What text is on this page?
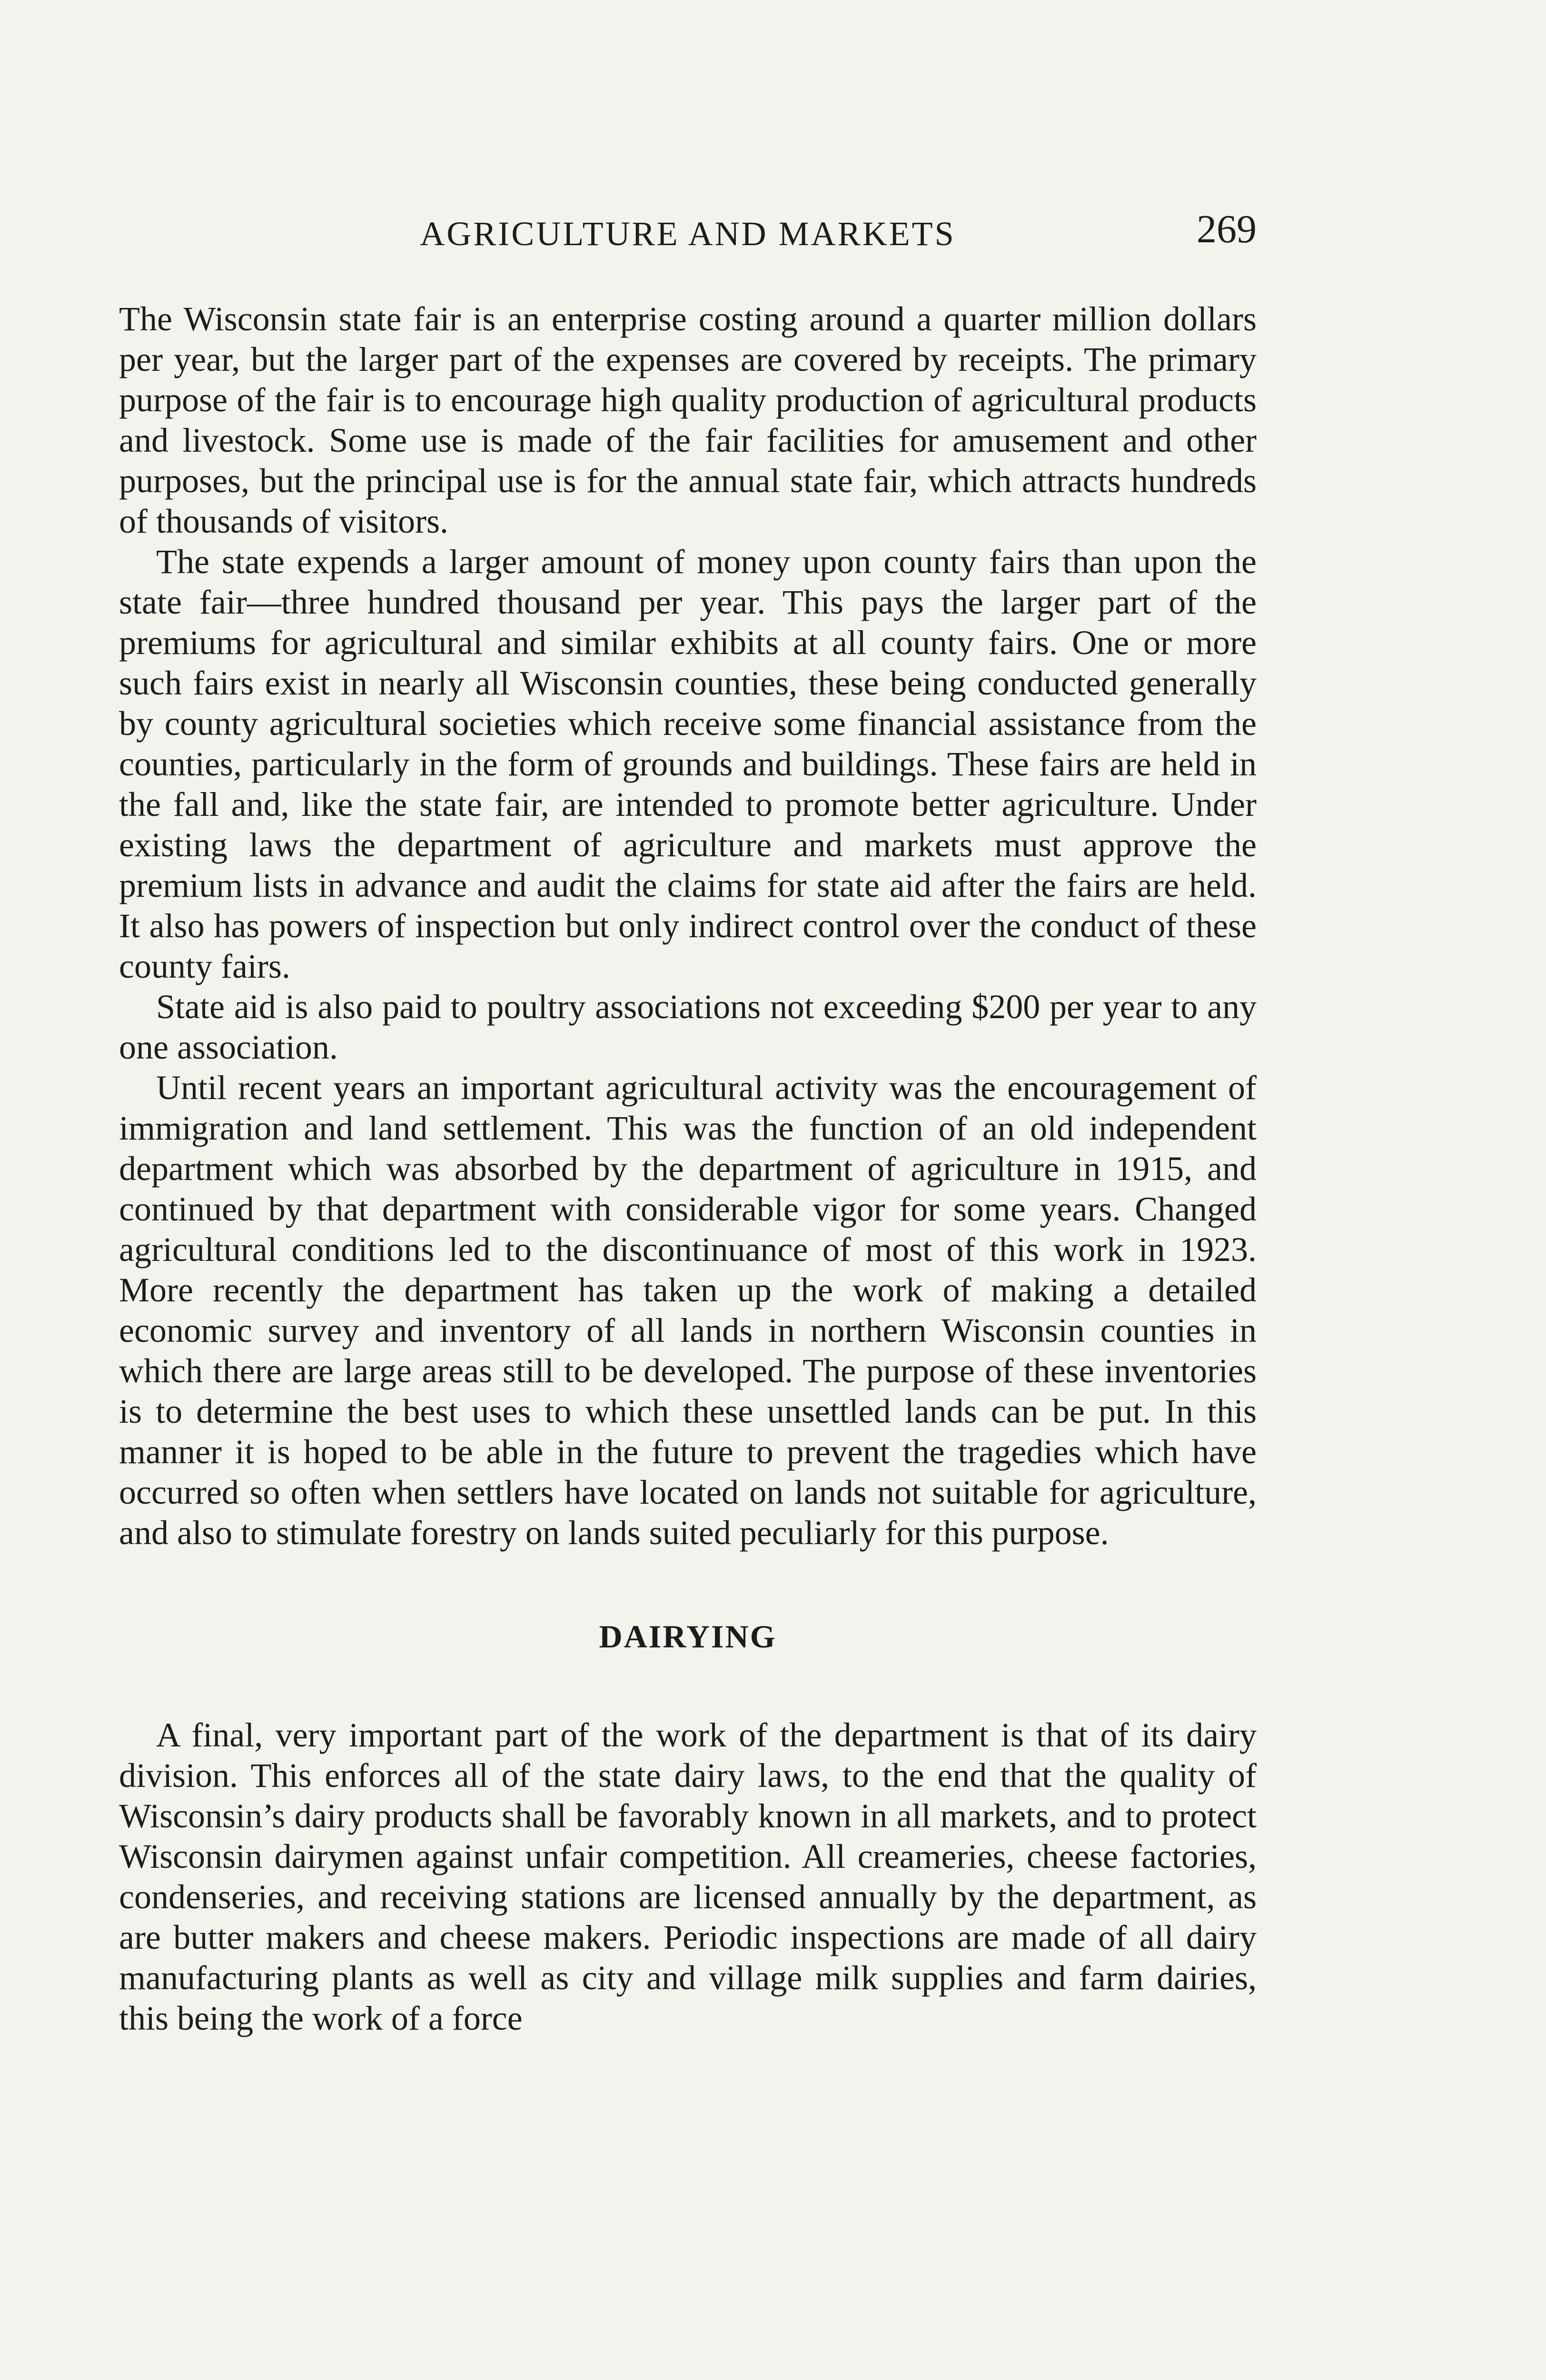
AGRICULTURE AND MARKETS	269

The Wisconsin state fair is an enterprise costing around a quarter million dollars per year, but the larger part of the expenses are covered by receipts. The primary purpose of the fair is to encourage high quality production of agricultural products and livestock. Some use is made of the fair facilities for amusement and other purposes, but the principal use is for the annual state fair, which attracts hundreds of thousands of visitors.

The state expends a larger amount of money upon county fairs than upon the state fair—three hundred thousand per year. This pays the larger part of the premiums for agricultural and similar exhibits at all county fairs. One or more such fairs exist in nearly all Wisconsin counties, these being conducted generally by county agricultural societies which receive some financial assistance from the counties, particularly in the form of grounds and buildings. These fairs are held in the fall and, like the state fair, are intended to promote better agriculture. Under existing laws the department of agriculture and markets must approve the premium lists in advance and audit the claims for state aid after the fairs are held. It also has powers of inspection but only indirect control over the conduct of these county fairs.

State aid is also paid to poultry associations not exceeding $200 per year to any one association.

Until recent years an important agricultural activity was the encouragement of immigration and land settlement. This was the function of an old independent department which was absorbed by the department of agriculture in 1915, and continued by that department with considerable vigor for some years. Changed agricultural conditions led to the discontinuance of most of this work in 1923. More recently the department has taken up the work of making a detailed economic survey and inventory of all lands in northern Wisconsin counties in which there are large areas still to be developed. The purpose of these inventories is to determine the best uses to which these unsettled lands can be put. In this manner it is hoped to be able in the future to prevent the tragedies which have occurred so often when settlers have located on lands not suitable for agriculture, and also to stimulate forestry on lands suited peculiarly for this purpose.

DAIRYING

A final, very important part of the work of the department is that of its dairy division. This enforces all of the state dairy laws, to the end that the quality of Wisconsin’s dairy products shall be favorably known in all markets, and to protect Wisconsin dairymen against unfair competition. All creameries, cheese factories, condenseries, and receiving stations are licensed annually by the department, as are butter makers and cheese makers. Periodic inspections are made of all dairy manufacturing plants as well as city and village milk supplies and farm dairies, this being the work of a force
